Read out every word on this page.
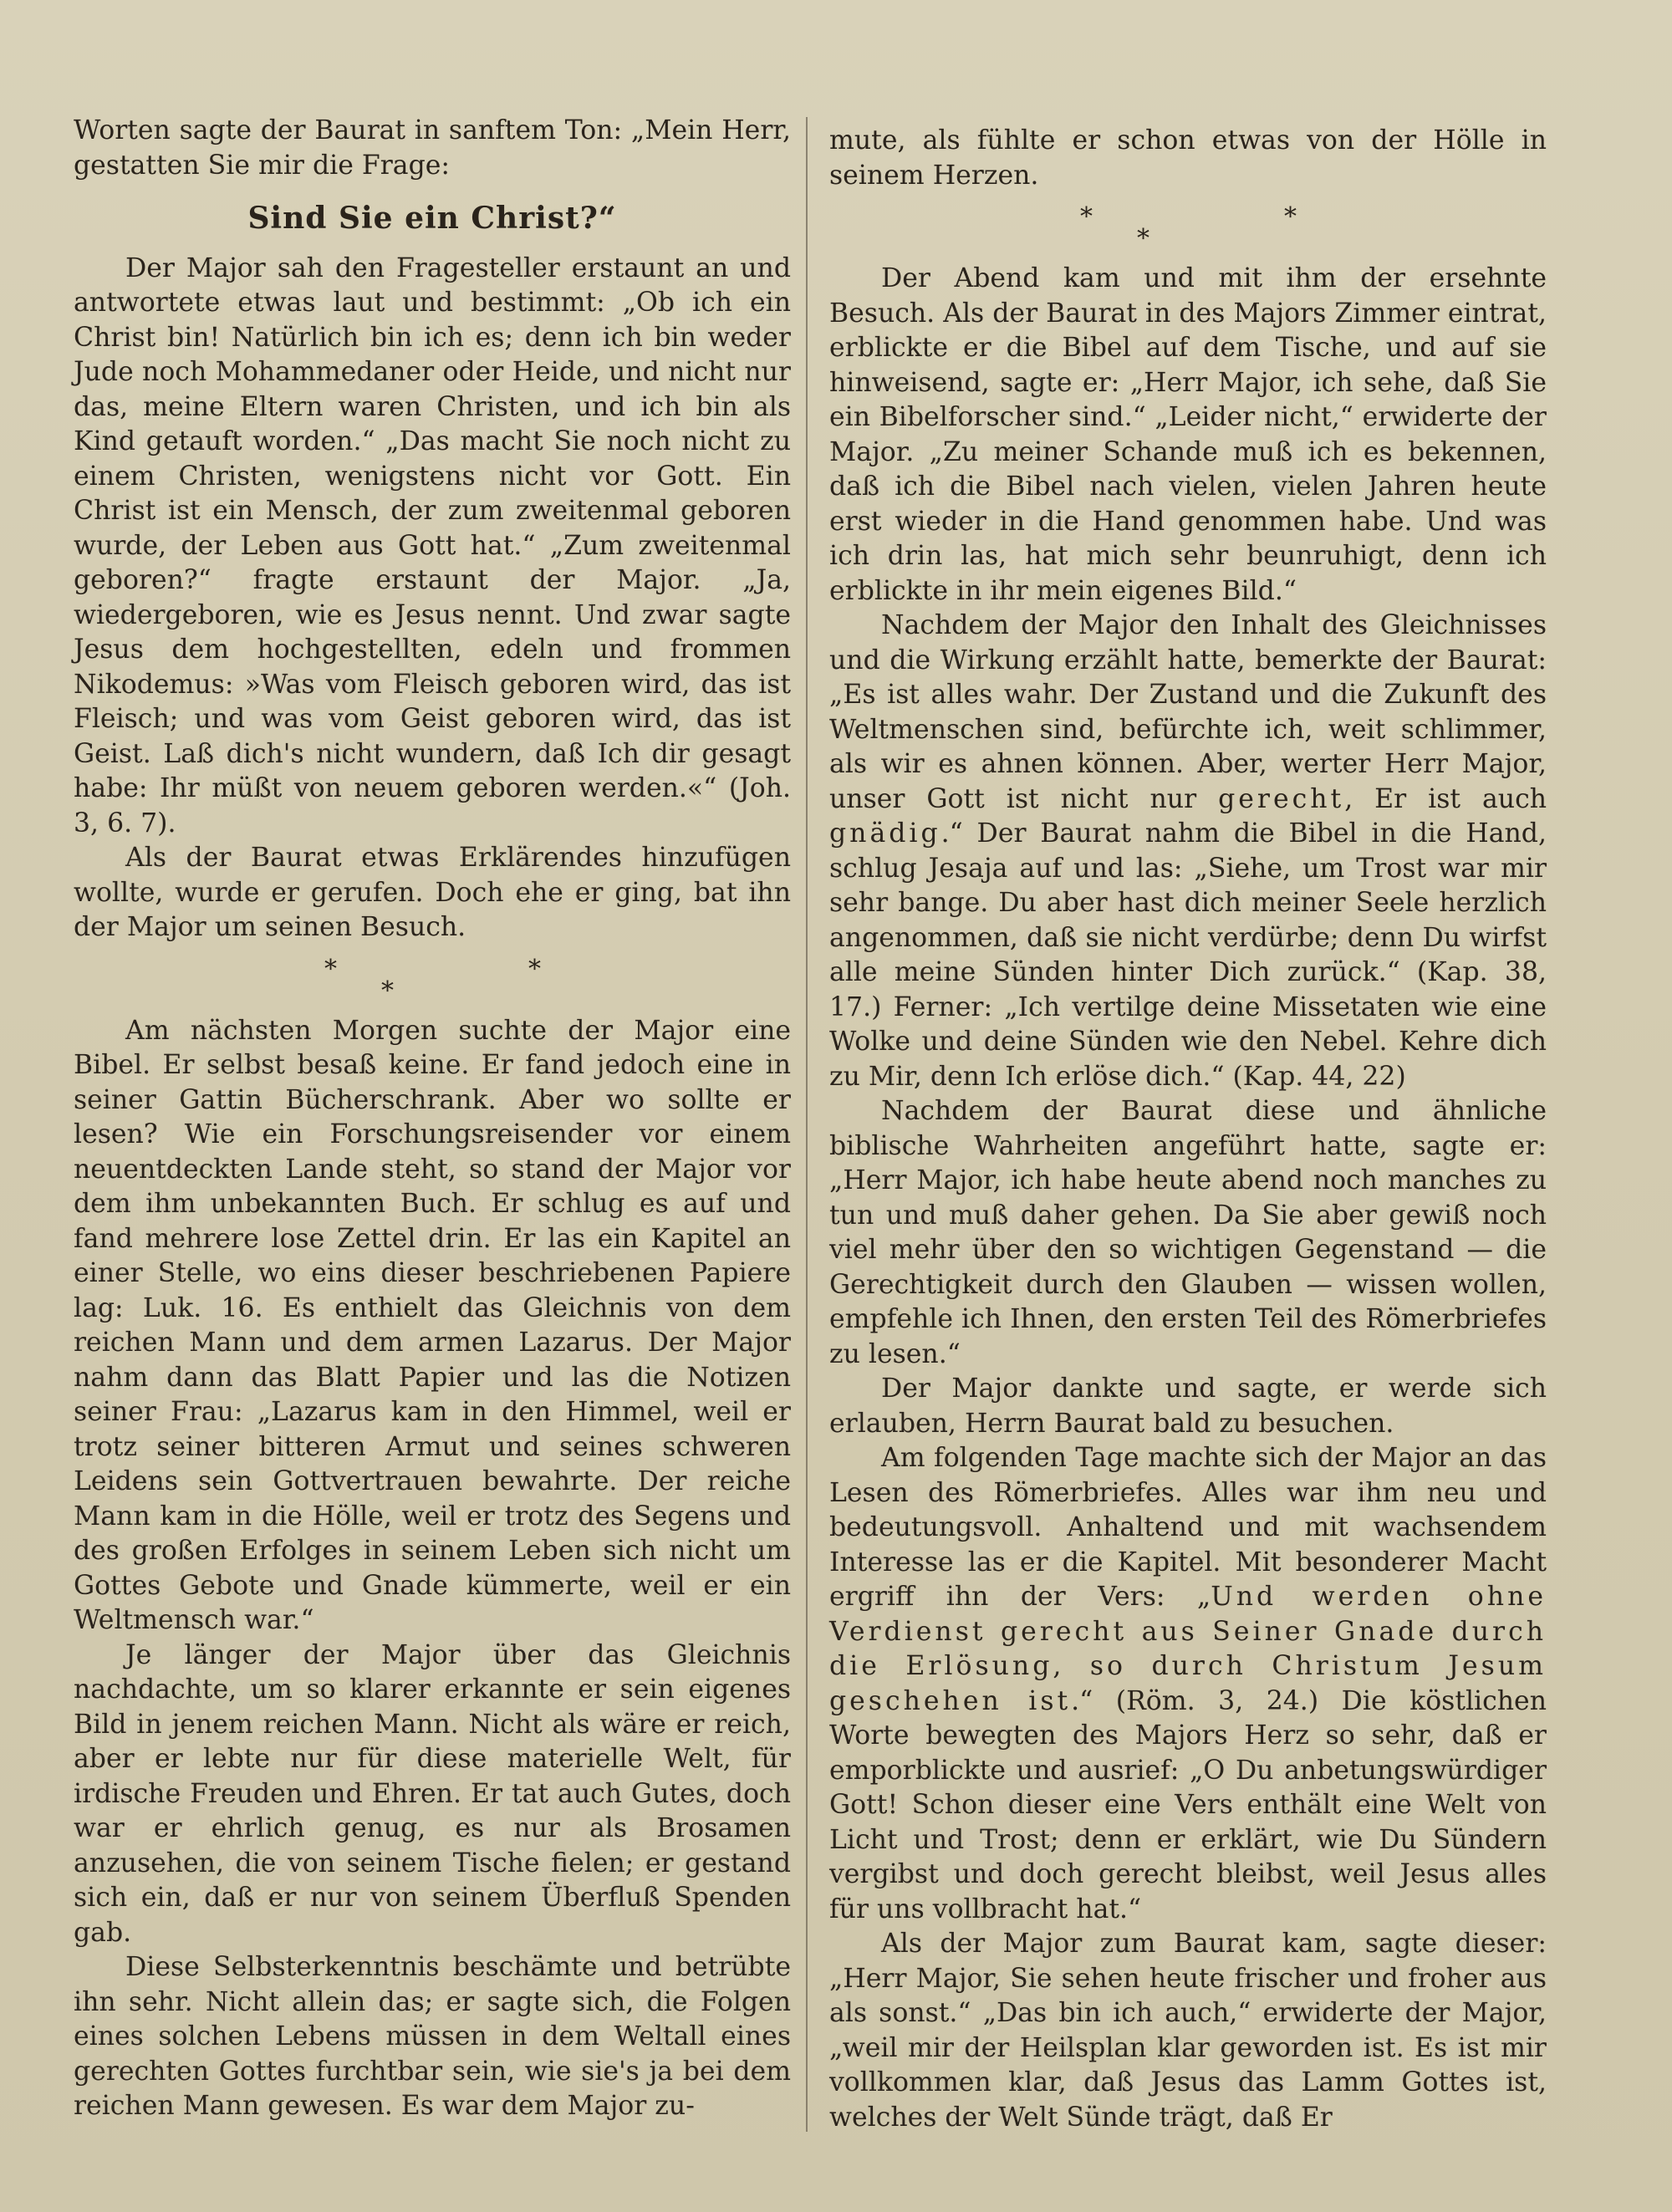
Worten sagte der Baurat in sanftem Ton: „Mein Herr, gestatten Sie mir die Frage:

Sind Sie ein Christ?“

Der Major sah den Fragesteller erstaunt an und antwortete etwas laut und bestimmt: „Ob ich ein Christ bin! Natürlich bin ich es; denn ich bin weder Jude noch Mohammedaner oder Heide, und nicht nur das, meine Eltern waren Christen, und ich bin als Kind getauft worden.“ „Das macht Sie noch nicht zu einem Christen, wenigstens nicht vor Gott. Ein Christ ist ein Mensch, der zum zweitenmal geboren wurde, der Leben aus Gott hat.“ „Zum zweitenmal geboren?“ fragte erstaunt der Major. „Ja, wiedergeboren, wie es Jesus nennt. Und zwar sagte Jesus dem hochgestellten, edeln und frommen Nikodemus: »Was vom Fleisch geboren wird, das ist Fleisch; und was vom Geist geboren wird, das ist Geist. Laß dich's nicht wundern, daß Ich dir gesagt habe: Ihr müßt von neuem geboren werden.«“ (Joh. 3, 6. 7).

Als der Baurat etwas Erklärendes hinzufügen wollte, wurde er gerufen. Doch ehe er ging, bat ihn der Major um seinen Besuch.

*
*
*

Am nächsten Morgen suchte der Major eine Bibel. Er selbst besaß keine. Er fand jedoch eine in seiner Gattin Bücherschrank. Aber wo sollte er lesen? Wie ein Forschungsreisender vor einem neuentdeckten Lande steht, so stand der Major vor dem ihm unbekannten Buch. Er schlug es auf und fand mehrere lose Zettel drin. Er las ein Kapitel an einer Stelle, wo eins dieser beschriebenen Papiere lag: Luk. 16. Es enthielt das Gleichnis von dem reichen Mann und dem armen Lazarus. Der Major nahm dann das Blatt Papier und las die Notizen seiner Frau: „Lazarus kam in den Himmel, weil er trotz seiner bitteren Armut und seines schweren Leidens sein Gottvertrauen bewahrte. Der reiche Mann kam in die Hölle, weil er trotz des Segens und des großen Erfolges in seinem Leben sich nicht um Gottes Gebote und Gnade kümmerte, weil er ein Weltmensch war.“

Je länger der Major über das Gleichnis nachdachte, um so klarer erkannte er sein eigenes Bild in jenem reichen Mann. Nicht als wäre er reich, aber er lebte nur für diese materielle Welt, für irdische Freuden und Ehren. Er tat auch Gutes, doch war er ehrlich genug, es nur als Brosamen anzusehen, die von seinem Tische fielen; er gestand sich ein, daß er nur von seinem Überfluß Spenden gab.

Diese Selbsterkenntnis beschämte und betrübte ihn sehr. Nicht allein das; er sagte sich, die Folgen eines solchen Lebens müssen in dem Weltall eines gerechten Gottes furchtbar sein, wie sie's ja bei dem reichen Mann gewesen. Es war dem Major zu-

mute, als fühlte er schon etwas von der Hölle in seinem Herzen.

*
*
*

Der Abend kam und mit ihm der ersehnte Besuch. Als der Baurat in des Majors Zimmer eintrat, erblickte er die Bibel auf dem Tische, und auf sie hinweisend, sagte er: „Herr Major, ich sehe, daß Sie ein Bibelforscher sind.“ „Leider nicht,“ erwiderte der Major. „Zu meiner Schande muß ich es bekennen, daß ich die Bibel nach vielen, vielen Jahren heute erst wieder in die Hand genommen habe. Und was ich drin las, hat mich sehr beunruhigt, denn ich erblickte in ihr mein eigenes Bild.“

Nachdem der Major den Inhalt des Gleichnisses und die Wirkung erzählt hatte, bemerkte der Baurat: „Es ist alles wahr. Der Zustand und die Zukunft des Weltmenschen sind, befürchte ich, weit schlimmer, als wir es ahnen können. Aber, werter Herr Major, unser Gott ist nicht nur gerecht, Er ist auch gnädig.“ Der Baurat nahm die Bibel in die Hand, schlug Jesaja auf und las: „Siehe, um Trost war mir sehr bange. Du aber hast dich meiner Seele herzlich angenommen, daß sie nicht verdürbe; denn Du wirfst alle meine Sünden hinter Dich zurück.“ (Kap. 38, 17.) Ferner: „Ich vertilge deine Missetaten wie eine Wolke und deine Sünden wie den Nebel. Kehre dich zu Mir, denn Ich erlöse dich.“ (Kap. 44, 22)

Nachdem der Baurat diese und ähnliche biblische Wahrheiten angeführt hatte, sagte er: „Herr Major, ich habe heute abend noch manches zu tun und muß daher gehen. Da Sie aber gewiß noch viel mehr über den so wichtigen Gegenstand — die Gerechtigkeit durch den Glauben — wissen wollen, empfehle ich Ihnen, den ersten Teil des Römerbriefes zu lesen.“

Der Major dankte und sagte, er werde sich erlauben, Herrn Baurat bald zu besuchen.

Am folgenden Tage machte sich der Major an das Lesen des Römerbriefes. Alles war ihm neu und bedeutungsvoll. Anhaltend und mit wachsendem Interesse las er die Kapitel. Mit besonderer Macht ergriff ihn der Vers: „Und werden ohne Verdienst gerecht aus Seiner Gnade durch die Erlösung, so durch Christum Jesum geschehen ist.“ (Röm. 3, 24.) Die köstlichen Worte bewegten des Majors Herz so sehr, daß er emporblickte und ausrief: „O Du anbetungswürdiger Gott! Schon dieser eine Vers enthält eine Welt von Licht und Trost; denn er erklärt, wie Du Sündern vergibst und doch gerecht bleibst, weil Jesus alles für uns vollbracht hat.“

Als der Major zum Baurat kam, sagte dieser: „Herr Major, Sie sehen heute frischer und froher aus als sonst.“ „Das bin ich auch,“ erwiderte der Major, „weil mir der Heilsplan klar geworden ist. Es ist mir vollkommen klar, daß Jesus das Lamm Gottes ist, welches der Welt Sünde trägt, daß Er
